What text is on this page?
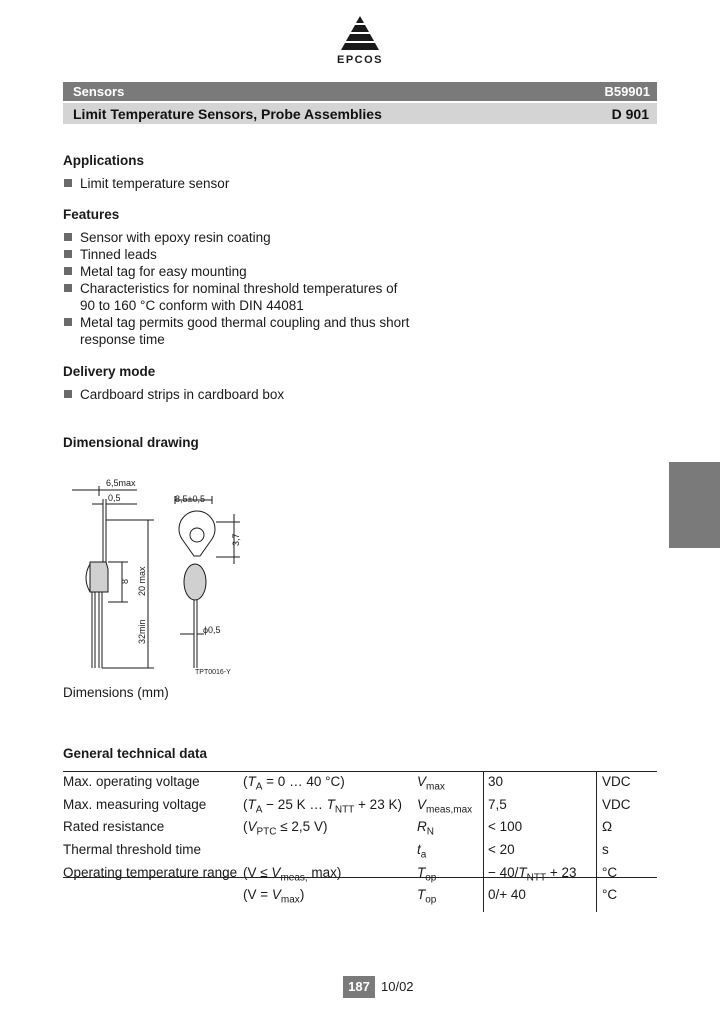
EPCOS
Sensors	B59901
Limit Temperature Sensors, Probe Assemblies	D 901
Applications
Limit temperature sensor
Features
Sensor with epoxy resin coating
Tinned leads
Metal tag for easy mounting
Characteristics for nominal threshold temperatures of
90 to 160 °C conform with DIN 44081
Metal tag permits good thermal coupling and thus short
response time
Delivery mode
Cardboard strips in cardboard box
Dimensional drawing
6,5max
0,5
20 max
8
32min
8,5±0,5
3,7
ϕ0,5
TPT0016-Y
Dimensions (mm)
General technical data
Max. operating voltage	($T_A = 0$ … 40 °C)	$V_{max}$	30	VDC
Max. measuring voltage	($T_A - 25$ K … $T_{NTT} + 23$ K)	$V_{meas,max}$	7,5	VDC
Rated resistance	($V_{PTC} \le 2,5$ V)	$R_N$	< 100	Ω
Thermal threshold time		$t_a$	< 20	s
Operating temperature range	($V \le V_{meas,}$ max)	$T_{op}$	− $40/T_{NTT} + 23$	°C
	$(V = V_{max})$	$T_{op}$	0/+ 40	°C
187 10/02
